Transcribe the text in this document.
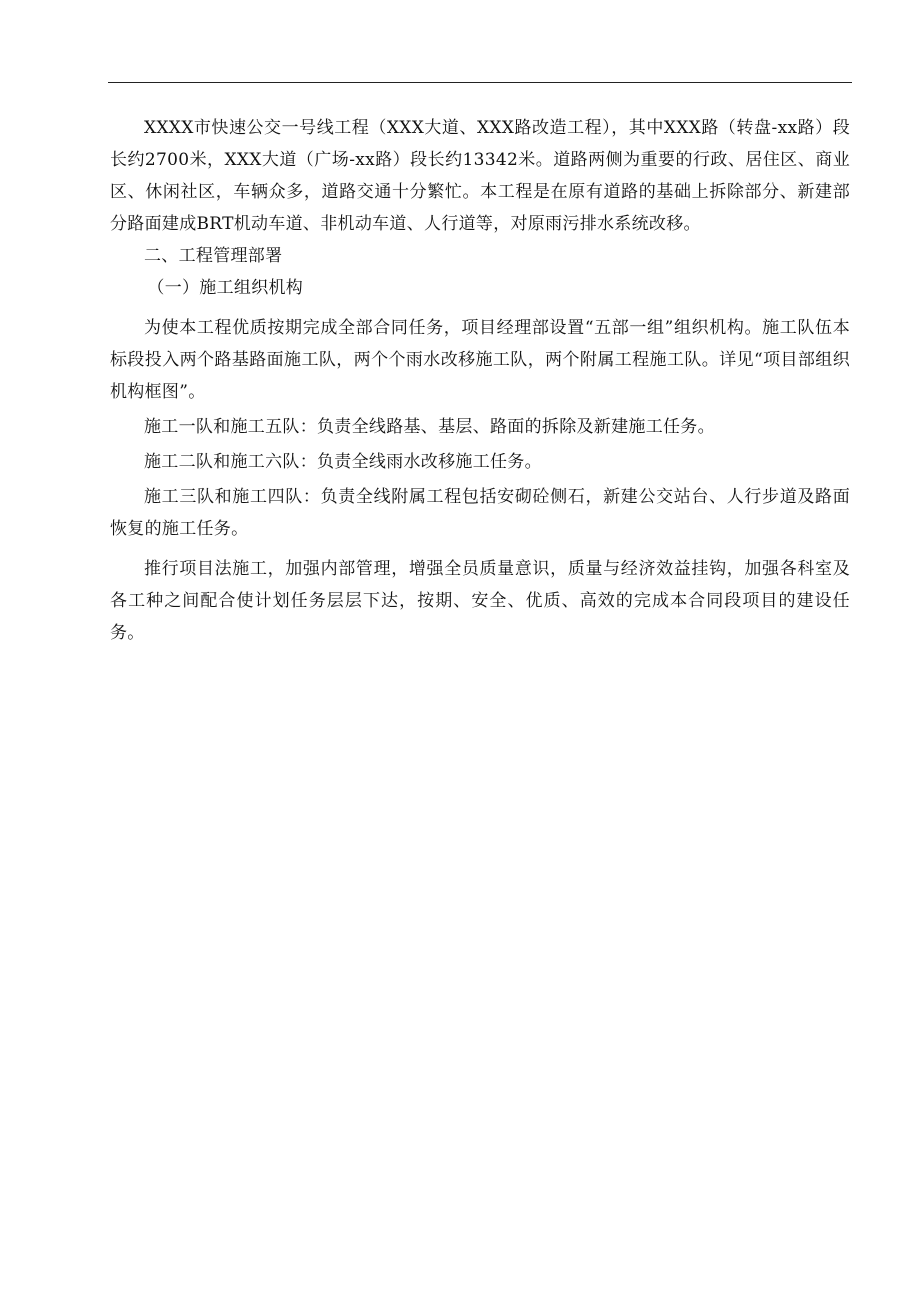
XXXX市快速公交一号线工程（XXX大道、XXX路改造工程），其中XXX路（转盘-xx路）段长约2700米，XXX大道（广场-xx路）段长约13342米。道路两侧为重要的行政、居住区、商业区、休闲社区，车辆众多，道路交通十分繁忙。本工程是在原有道路的基础上拆除部分、新建部分路面建成BRT机动车道、非机动车道、人行道等，对原雨污排水系统改移。

二、工程管理部署

（一）施工组织机构

为使本工程优质按期完成全部合同任务，项目经理部设置“五部一组”组织机构。施工队伍本标段投入两个路基路面施工队，两个个雨水改移施工队，两个附属工程施工队。详见“项目部组织机构框图”。

施工一队和施工五队：负责全线路基、基层、路面的拆除及新建施工任务。

施工二队和施工六队：负责全线雨水改移施工任务。

施工三队和施工四队：负责全线附属工程包括安砌砼侧石，新建公交站台、人行步道及路面恢复的施工任务。

推行项目法施工，加强内部管理，增强全员质量意识，质量与经济效益挂钩，加强各科室及各工种之间配合使计划任务层层下达，按期、安全、优质、高效的完成本合同段项目的建设任务。
